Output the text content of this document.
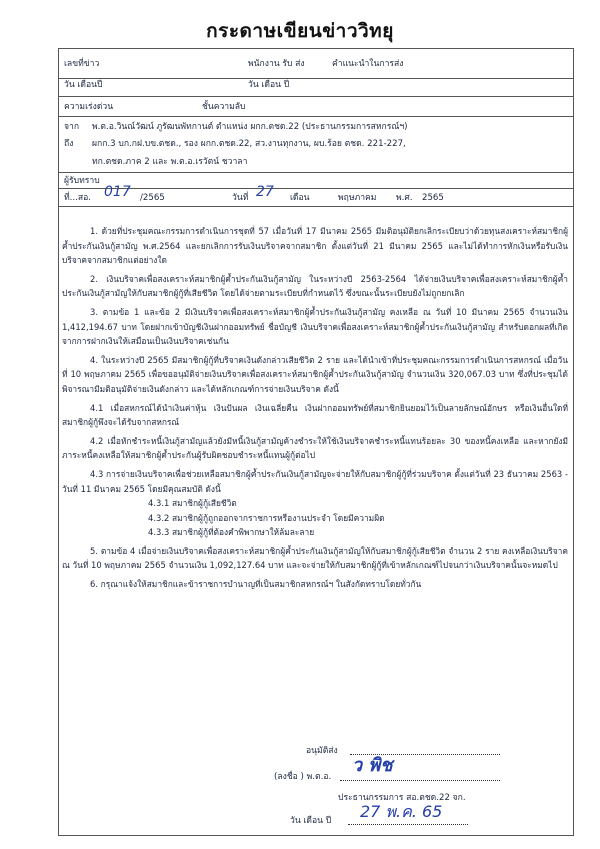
กระดาษเขียนข่าววิทยุ
เลขที่ข่าว	พนักงาน รับ ส่ง	คำแนะนำในการส่ง
วัน เดือนปี	วัน เดือน ปี
ความเร่งด่วน	ชั้นความลับ
จาก พ.ต.อ.วินณ์วัฒน์ ภูรัฒนพัทกานต์ ตำแหน่ง ผกก.ตชด.22 (ประธานกรรมการสหกรณ์ฯ)
ถึง ผกก.3 บก.กฝ.บข.ตชด., รอง ผกก.ตชด.22, สว.งานทุกงาน, ผบ.ร้อย ตชด. 221-227,
ทก.ตชด.ภาค 2 และ พ.ต.อ.เรวัตน์ ชวาลา
ผู้รับทราบ
ที่...สอ. 017 /2565	วันที่ 27 เดือน	พฤษภาคม พ.ศ. 2565

1. ด้วยที่ประชุมคณะกรรมการดำเนินการชุดที่ 57 เมื่อวันที่ 17 มีนาคม 2565 มีมติอนุมัติยกเลิกระเบียบว่าด้วยทุนสงเคราะห์สมาชิกผู้ค้ำประกันเงินกู้สามัญ พ.ศ.2564 และยกเลิกการรับเงินบริจาคจากสมาชิก ตั้งแต่วันที่ 21 มีนาคม 2565 และไม่ได้ทำการหักเงินหรือรับเงินบริจาคจากสมาชิกแต่อย่างใด

2. เงินบริจาคเพื่อสงเคราะห์สมาชิกผู้ค้ำประกันเงินกู้สามัญ ในระหว่างปี 2563-2564 ได้จ่ายเงินบริจาคเพื่อสงเคราะห์สมาชิกผู้ค้ำประกันเงินกู้สามัญให้กับสมาชิกผู้กู้ที่เสียชีวิต โดยได้จ่ายตามระเบียบที่กำหนดไว้ ซึ่งขณะนั้นระเบียบยังไม่ถูกยกเลิก

3. ตามข้อ 1 และข้อ 2 มีเงินบริจาคเพื่อสงเคราะห์สมาชิกผู้ค้ำประกันเงินกู้สามัญ คงเหลือ ณ วันที่ 10 มีนาคม 2565 จำนวนเงิน 1,412,194.67 บาท โดยฝากเข้าบัญชีเงินฝากออมทรัพย์ ชื่อบัญชี เงินบริจาคเพื่อสงเคราะห์สมาชิกผู้ค้ำประกันเงินกู้สามัญ สำหรับดอกผลที่เกิดจากการฝากเงินให้เสมือนเป็นเงินบริจาคเช่นกัน

4. ในระหว่างปี 2565 มีสมาชิกผู้กู้ที่บริจาคเงินดังกล่าวเสียชีวิต 2 ราย และได้นำเข้าที่ประชุมคณะกรรมการดำเนินการสหกรณ์ เมื่อวันที่ 10 พฤษภาคม 2565 เพื่อขออนุมัติจ่ายเงินบริจาคเพื่อสงเคราะห์สมาชิกผู้ค้ำประกันเงินกู้สามัญ จำนวนเงิน 320,067.03 บาท ซึ่งที่ประชุมได้พิจารณามีมติอนุมัติจ่ายเงินดังกล่าว และได้หลักเกณฑ์การจ่ายเงินบริจาค ดังนี้

4.1 เมื่อสหกรณ์ได้นำเงินค่าหุ้น เงินปันผล เงินเฉลี่ยคืน เงินฝากออมทรัพย์ที่สมาชิกยินยอมไว้เป็นลายลักษณ์อักษร หรือเงินอื่นใดที่สมาชิกผู้กู้พึงจะได้รับจากสหกรณ์

4.2 เมื่อหักชำระหนี้เงินกู้สามัญแล้วยังมีหนี้เงินกู้สามัญค้างชำระให้ใช้เงินบริจาคชำระหนี้แทนร้อยละ 30 ของหนี้คงเหลือ และหากยังมีภาระหนี้คงเหลือให้สมาชิกผู้ค้ำประกันผู้รับผิดชอบชำระหนี้แทนผู้กู้ต่อไป

4.3 การจ่ายเงินบริจาคเพื่อช่วยเหลือสมาชิกผู้ค้ำประกันเงินกู้สามัญจะจ่ายให้กับสมาชิกผู้กู้ที่ร่วมบริจาค ตั้งแต่วันที่ 23 ธันวาคม 2563 - วันที่ 11 มีนาคม 2565 โดยมีคุณสมบัติ ดังนี้

4.3.1 สมาชิกผู้กู้เสียชีวิต

4.3.2 สมาชิกผู้กู้ถูกออกจากราชการหรืองานประจำ โดยมีความผิด

4.3.3 สมาชิกผู้กู้ที่ต้องคำพิพากษาให้ล้มละลาย

5. ตามข้อ 4 เมื่อจ่ายเงินบริจาคเพื่อสงเคราะห์สมาชิกผู้ค้ำประกันเงินกู้สามัญให้กับสมาชิกผู้กู้เสียชีวิต จำนวน 2 ราย คงเหลือเงินบริจาค ณ วันที่ 10 พฤษภาคม 2565 จำนวนเงิน 1,092,127.64 บาท และจะจ่ายให้กับสมาชิกผู้กู้ที่เข้าหลักเกณฑ์ไปจนกว่าเงินบริจาคนั้นจะหมดไป

6. กรุณาแจ้งให้สมาชิกและข้าราชการบำนาญที่เป็นสมาชิกสหกรณ์ฯ ในสังกัดทราบโดยทั่วกัน

อนุมัติส่ง
(ลงชื่อ ) พ.ต.อ.
ว พิช
ประธานกรรมการ สอ.ตชด.22 จก.
วัน เดือน ปี 27 พ.ค. 65
